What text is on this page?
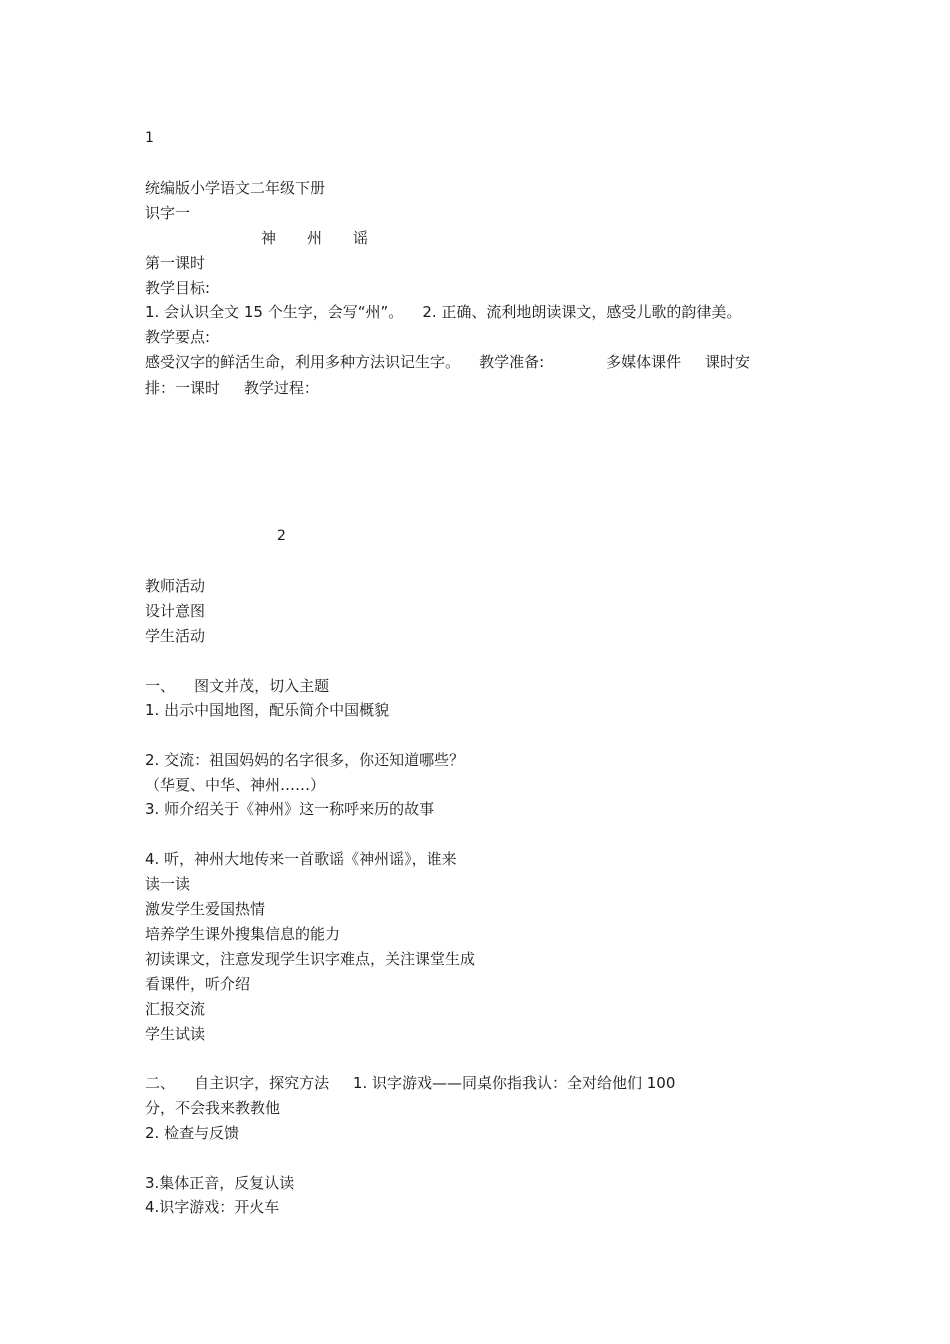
1
统编版小学语文二年级下册
识字一
神 州 谣
第一课时
教学目标:
1. 会认识全文 15 个生字，会写“州”。    2. 正确、流利地朗读课文，感受儿歌的韵律美。
教学要点:
感受汉字的鲜活生命，利用多种方法识记生字。    教学准备:             多媒体课件     课时安
排：一课时     教学过程：
2
教师活动
设计意图
学生活动
一、    图文并茂，切入主题
1. 出示中国地图，配乐简介中国概貌
2. 交流：祖国妈妈的名字很多，你还知道哪些？
（华夏、中华、神州……）
3. 师介绍关于《神州》这一称呼来历的故事
4. 听，神州大地传来一首歌谣《神州谣》，谁来
读一读
激发学生爱国热情
培养学生课外搜集信息的能力
初读课文，注意发现学生识字难点，关注课堂生成
看课件，听介绍
汇报交流
学生试读
二、    自主识字，探究方法     1. 识字游戏——同桌你指我认：全对给他们 100
分，不会我来教教他
2. 检查与反馈
3.集体正音，反复认读
4.识字游戏：开火车
